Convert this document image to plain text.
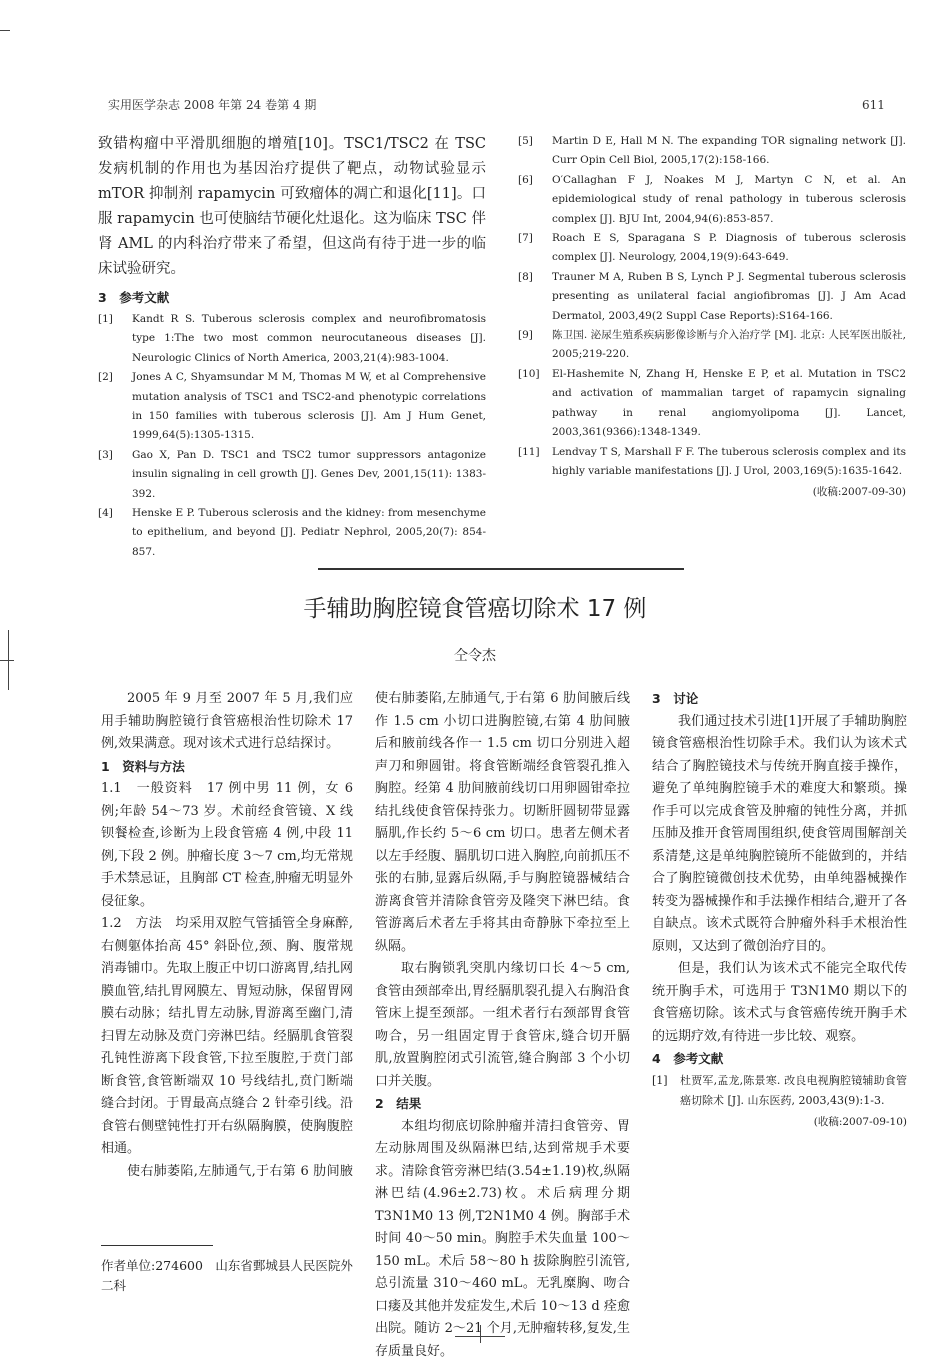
实用医学杂志 2008 年第 24 卷第 4 期	611

致错构瘤中平滑肌细胞的增殖[10]。TSC1/TSC2 在 TSC 发病机制的作用也为基因治疗提供了靶点，动物试验显示 mTOR 抑制剂 rapamycin 可致瘤体的凋亡和退化[11]。口服 rapamycin 也可使脑结节硬化灶退化。这为临床 TSC 伴肾 AML 的内科治疗带来了希望，但这尚有待于进一步的临床试验研究。

3　参考文献

[1]	Kandt R S. Tuberous sclerosis complex and neurofibromatosis type 1:The two most common neurocutaneous diseases [J]. Neurologic Clinics of North America, 2003,21(4):983-1004.
[2]	Jones A C, Shyamsundar M M, Thomas M W, et al Comprehensive mutation analysis of TSC1 and TSC2-and phenotypic correlations in 150 families with tuberous sclerosis [J]. Am J Hum Genet, 1999,64(5):1305-1315.
[3]	Gao X, Pan D. TSC1 and TSC2 tumor suppressors antagonize insulin signaling in cell growth [J]. Genes Dev, 2001,15(11): 1383-392.
[4]	Henske E P. Tuberous sclerosis and the kidney: from mesenchyme to epithelium, and beyond [J]. Pediatr Nephrol, 2005,20(7): 854-857.
[5]	Martin D E, Hall M N. The expanding TOR signaling network [J]. Curr Opin Cell Biol, 2005,17(2):158-166.
[6]	O′Callaghan F J, Noakes M J, Martyn C N, et al. An epidemiological study of renal pathology in tuberous sclerosis complex [J]. BJU Int, 2004,94(6):853-857.
[7]	Roach E S, Sparagana S P. Diagnosis of tuberous sclerosis complex [J]. Neurology, 2004,19(9):643-649.
[8]	Trauner M A, Ruben B S, Lynch P J. Segmental tuberous sclerosis presenting as unilateral facial angiofibromas [J]. J Am Acad Dermatol, 2003,49(2 Suppl Case Reports):S164-166.
[9]	陈卫国. 泌尿生殖系疾病影像诊断与介入治疗学 [M]. 北京: 人民军医出版社, 2005;219-220.
[10]	El-Hashemite N, Zhang H, Henske E P, et al. Mutation in TSC2 and activation of mammalian target of rapamycin signaling pathway in renal angiomyolipoma [J]. Lancet, 2003,361(9366):1348-1349.
[11]	Lendvay T S, Marshall F F. The tuberous sclerosis complex and its highly variable manifestations [J]. J Urol, 2003,169(5):1635-1642.
(收稿:2007-09-30)
手辅助胸腔镜食管癌切除术 17 例
仝令杰

2005 年 9 月至 2007 年 5 月,我们应用手辅助胸腔镜行食管癌根治性切除术 17 例,效果满意。现对该术式进行总结探讨。

1　资料与方法

1.1　一般资料　17 例中男 11 例，女 6 例;年龄 54～73 岁。术前经食管镜、X 线钡餐检查,诊断为上段食管癌 4 例,中段 11 例,下段 2 例。肿瘤长度 3～7 cm,均无常规手术禁忌证，且胸部 CT 检查,肿瘤无明显外侵征象。

1.2　方法　均采用双腔气管插管全身麻醉,右侧躯体抬高 45° 斜卧位,颈、胸、腹常规消毒铺巾。先取上腹正中切口游离胃,结扎网膜血管,结扎胃网膜左、胃短动脉，保留胃网膜右动脉；结扎胃左动脉,胃游离至幽门,清扫胃左动脉及贲门旁淋巴结。经膈肌食管裂孔钝性游离下段食管,下拉至腹腔,于贲门部断食管,食管断端双 10 号线结扎,贲门断端缝合封闭。于胃最高点缝合 2 针牵引线。沿食管右侧壁钝性打开右纵隔胸膜，使胸腹腔相通。

使右肺萎陷,左肺通气,于右第 6 肋间腋

作者单位:274600　山东省鄄城县人民医院外二科

使右肺萎陷,左肺通气,于右第 6 肋间腋后线作 1.5 cm 小切口进胸腔镜,右第 4 肋间腋后和腋前线各作一 1.5 cm 切口分别进入超声刀和卵圆钳。将食管断端经食管裂孔推入胸腔。经第 4 肋间腋前线切口用卵圆钳牵拉结扎线使食管保持张力。切断肝圆韧带显露膈肌,作长约 5～6 cm 切口。患者左侧术者以左手经腹、膈肌切口进入胸腔,向前抓压不张的右肺,显露后纵隔,手与胸腔镜器械结合游离食管并清除食管旁及隆突下淋巴结。食管游离后术者左手将其由奇静脉下牵拉至上纵隔。

取右胸锁乳突肌内缘切口长 4～5 cm,食管由颈部牵出,胃经膈肌裂孔提入右胸沿食管床上提至颈部。一组术者行右颈部胃食管吻合，另一组固定胃于食管床,缝合切开膈肌,放置胸腔闭式引流管,缝合胸部 3 个小切口并关腹。

2　结果

本组均彻底切除肿瘤并清扫食管旁、胃左动脉周围及纵隔淋巴结,达到常规手术要求。清除食管旁淋巴结(3.54±1.19)枚,纵隔淋巴结(4.96±2.73)枚。术后病理分期 T3N1M0 13 例,T2N1M0 4 例。胸部手术时间 40～50 min。胸腔手术失血量 100～150 mL。术后 58～80 h 拔除胸腔引流管,总引流量 310～460 mL。无乳糜胸、吻合口瘘及其他并发症发生,术后 10～13 d 痊愈出院。随访 2～21 个月,无肿瘤转移,复发,生存质量良好。

3　讨论

我们通过技术引进[1]开展了手辅助胸腔镜食管癌根治性切除手术。我们认为该术式结合了胸腔镜技术与传统开胸直接手操作，避免了单纯胸腔镜手术的难度大和繁琐。操作手可以完成食管及肿瘤的钝性分离，并抓压肺及推开食管周围组织,使食管周围解剖关系清楚,这是单纯胸腔镜所不能做到的，并结合了胸腔镜微创技术优势，由单纯器械操作转变为器械操作和手法操作相结合,避开了各自缺点。该术式既符合肿瘤外科手术根治性原则，又达到了微创治疗目的。

但是，我们认为该术式不能完全取代传统开胸手术，可选用于 T3N1M0 期以下的食管癌切除。该术式与食管癌传统开胸手术的远期疗效,有待进一步比较、观察。

4　参考文献

[1]	杜贾军,孟龙,陈景寒. 改良电视胸腔镜辅助食管癌切除术 [J]. 山东医药, 2003,43(9):1-3.
(收稿:2007-09-10)
